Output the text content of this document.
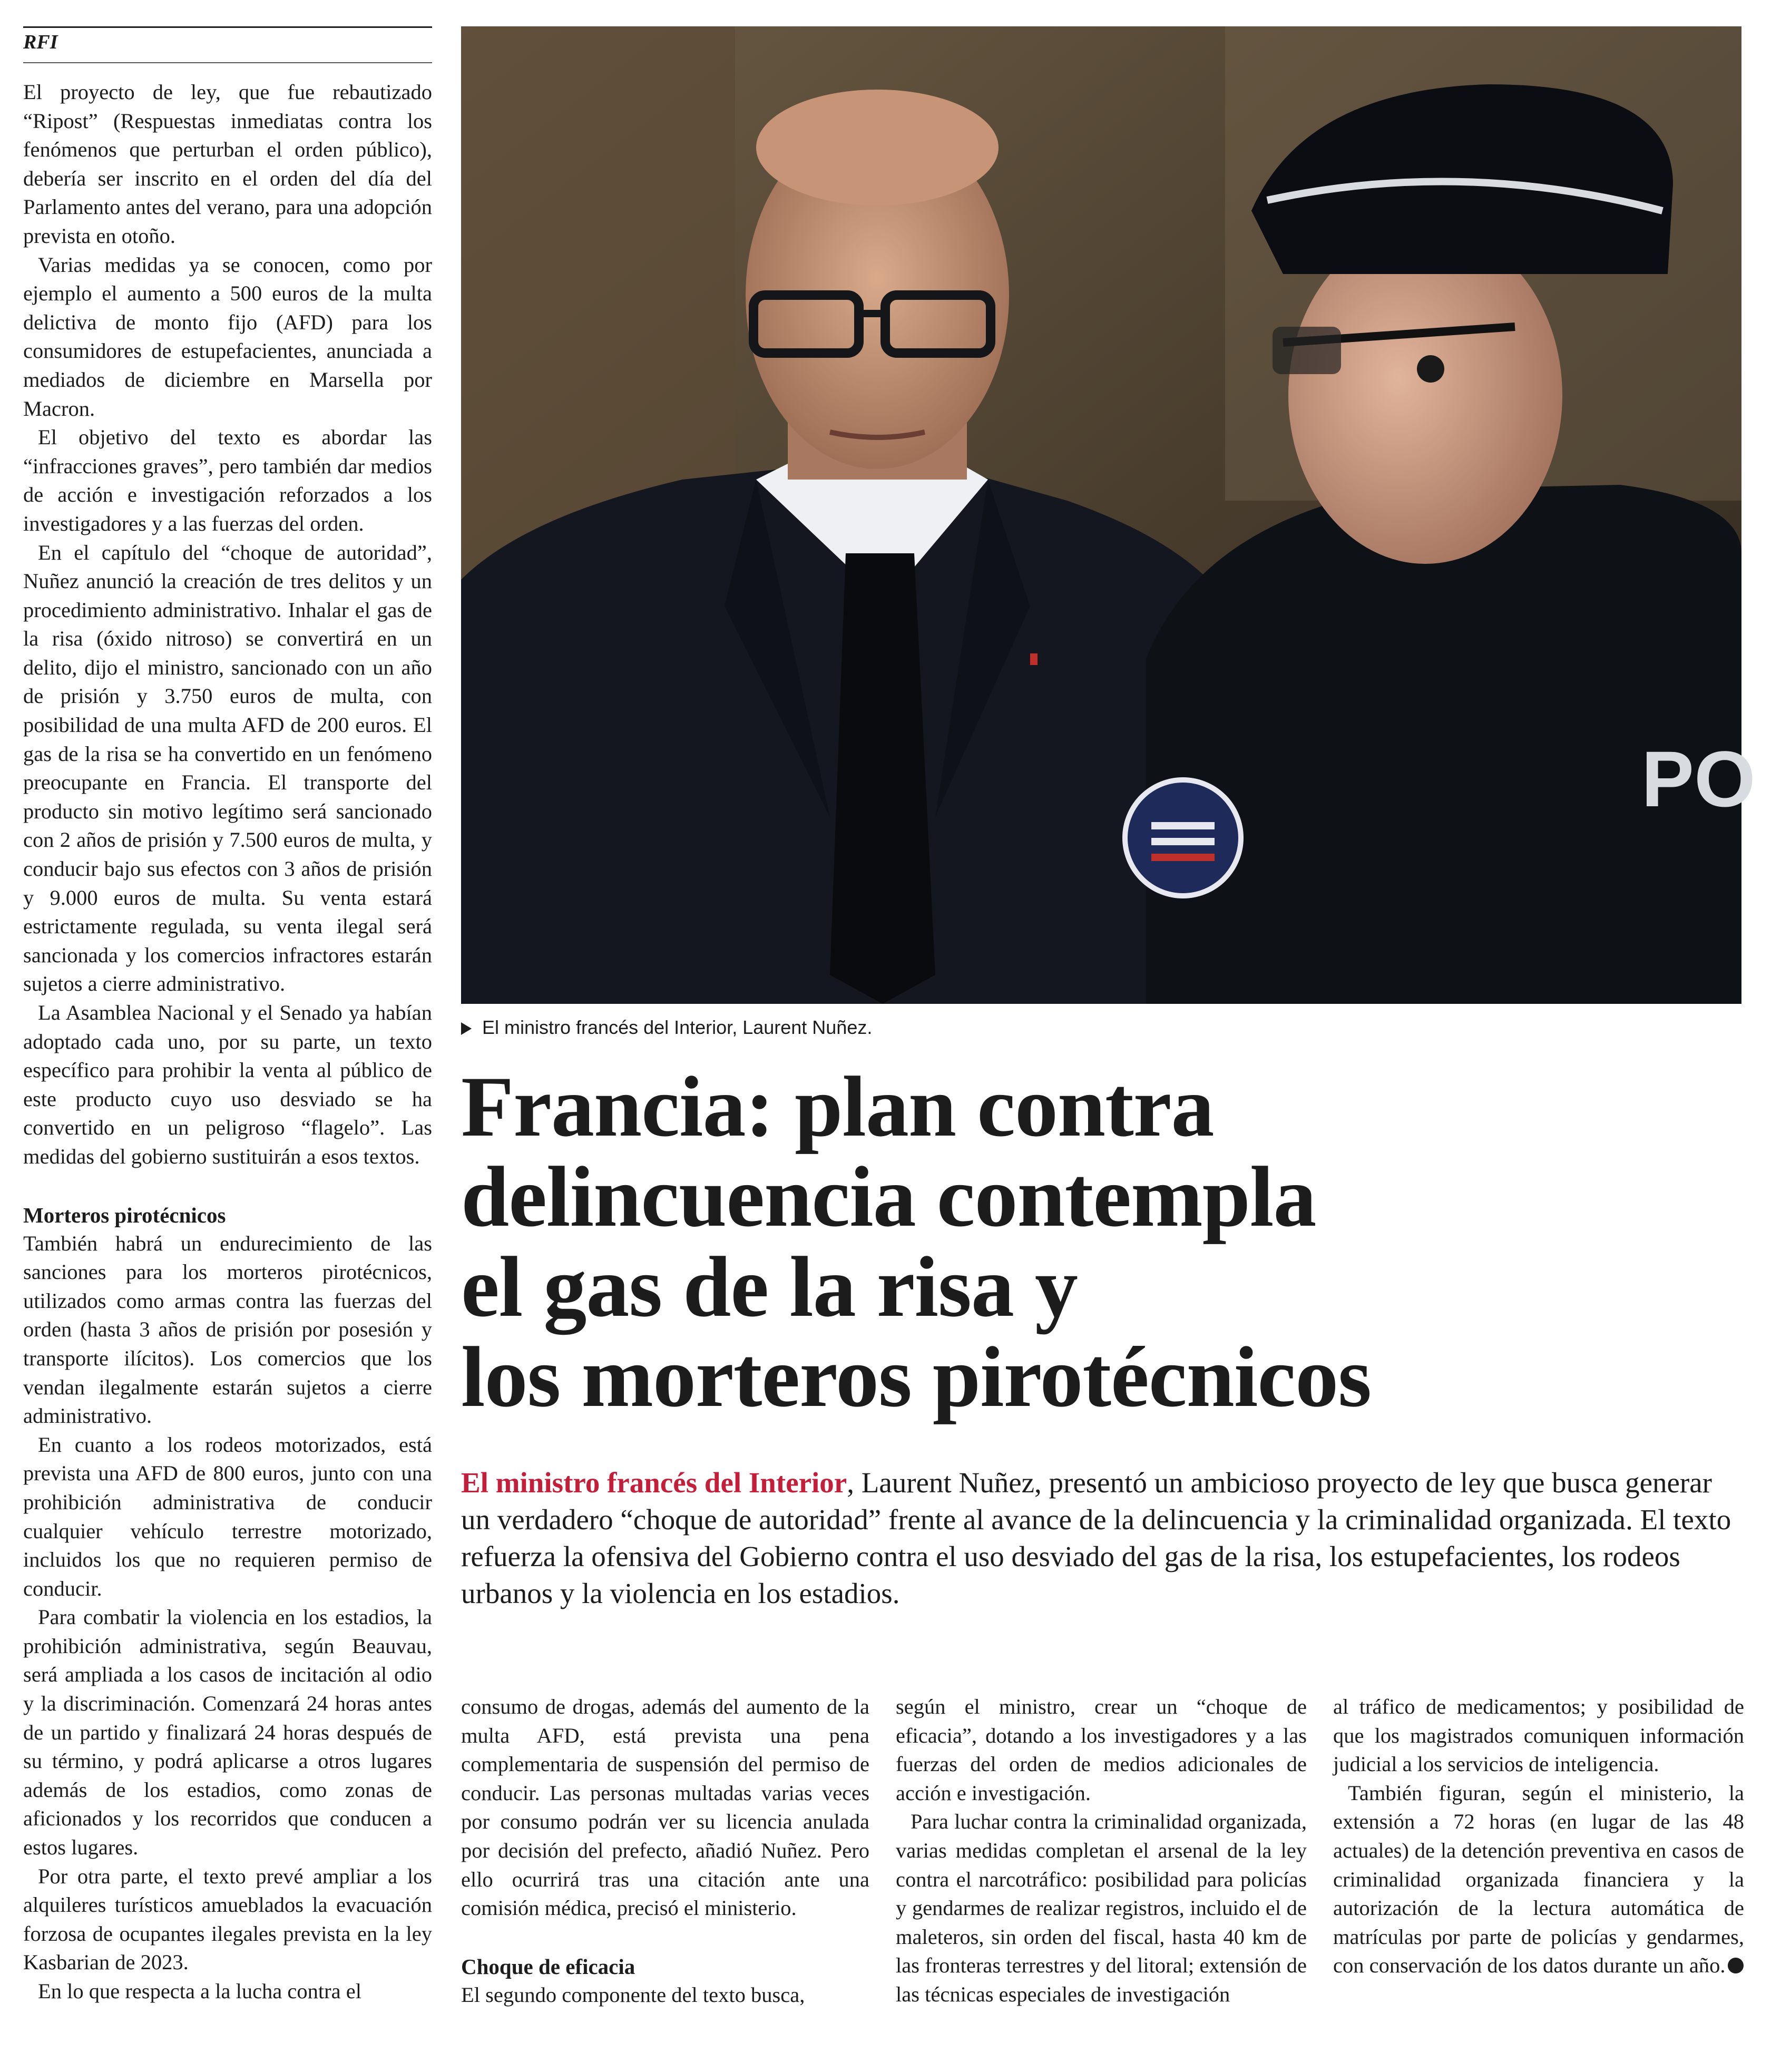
RFI

El proyecto de ley, que fue rebautizado “Ripost” (Respuestas inmediatas contra los fenómenos que perturban el orden público), debería ser inscrito en el orden del día del Parlamento antes del verano, para una adopción prevista en otoño.

Varias medidas ya se conocen, como por ejemplo el aumento a 500 euros de la multa delictiva de monto fijo (AFD) para los consumidores de estupefacientes, anunciada a mediados de diciembre en Marsella por Macron.

El objetivo del texto es abordar las “infracciones graves”, pero también dar medios de acción e investigación reforzados a los investigadores y a las fuerzas del orden.

En el capítulo del “choque de autoridad”, Nuñez anunció la creación de tres delitos y un procedimiento administrativo. Inhalar el gas de la risa (óxido nitroso) se convertirá en un delito, dijo el ministro, sancionado con un año de prisión y 3.750 euros de multa, con posibilidad de una multa AFD de 200 euros. El gas de la risa se ha convertido en un fenómeno preocupante en Francia. El transporte del producto sin motivo legítimo será sancionado con 2 años de prisión y 7.500 euros de multa, y conducir bajo sus efectos con 3 años de prisión y 9.000 euros de multa. Su venta estará estrictamente regulada, su venta ilegal será sancionada y los comercios infractores estarán sujetos a cierre administrativo.

La Asamblea Nacional y el Senado ya habían adoptado cada uno, por su parte, un texto específico para prohibir la venta al público de este producto cuyo uso desviado se ha convertido en un peligroso “flagelo”. Las medidas del gobierno sustituirán a esos textos.

Morteros pirotécnicos

También habrá un endurecimiento de las sanciones para los morteros pirotécnicos, utilizados como armas contra las fuerzas del orden (hasta 3 años de prisión por posesión y transporte ilícitos). Los comercios que los vendan ilegalmente estarán sujetos a cierre administrativo.

En cuanto a los rodeos motorizados, está prevista una AFD de 800 euros, junto con una prohibición administrativa de conducir cualquier vehículo terrestre motorizado, incluidos los que no requieren permiso de conducir.

Para combatir la violencia en los estadios, la prohibición administrativa, según Beauvau, será ampliada a los casos de incitación al odio y la discriminación. Comenzará 24 horas antes de un partido y finalizará 24 horas después de su término, y podrá aplicarse a otros lugares además de los estadios, como zonas de aficionados y los recorridos que conducen a estos lugares.

Por otra parte, el texto prevé ampliar a los alquileres turísticos amueblados la evacuación forzosa de ocupantes ilegales prevista en la ley Kasbarian de 2023.

En lo que respecta a la lucha contra el

PO
El ministro francés del Interior, Laurent Nuñez.
Francia: plan contra
delincuencia contempla
el gas de la risa y
los morteros pirotécnicos
El ministro francés del Interior, Laurent Nuñez, presentó un ambicioso proyecto de ley que busca generar un verdadero “choque de autoridad” frente al avance de la delincuencia y la criminalidad organizada. El texto refuerza la ofensiva del Gobierno contra el uso desviado del gas de la risa, los estupefacientes, los rodeos urbanos y la violencia en los estadios.

consumo de drogas, además del aumento de la multa AFD, está prevista una pena complementaria de suspensión del permiso de conducir. Las personas multadas varias veces por consumo podrán ver su licencia anulada por decisión del prefecto, añadió Nuñez. Pero ello ocurrirá tras una citación ante una comisión médica, precisó el ministerio.

Choque de eficacia

El segundo componente del texto busca,

según el ministro, crear un “choque de eficacia”, dotando a los investigadores y a las fuerzas del orden de medios adicionales de acción e investigación.

Para luchar contra la criminalidad organizada, varias medidas completan el arsenal de la ley contra el narcotráfico: posibilidad para policías y gendarmes de realizar registros, incluido el de maleteros, sin orden del fiscal, hasta 40 km de las fronteras terrestres y del litoral; extensión de las técnicas especiales de investigación

al tráfico de medicamentos; y posibilidad de que los magistrados comuniquen información judicial a los servicios de inteligencia.

También figuran, según el ministerio, la extensión a 72 horas (en lugar de las 48 actuales) de la detención preventiva en casos de criminalidad organizada financiera y la autorización de la lectura automática de matrículas por parte de policías y gendarmes, con conservación de los datos durante un año.
